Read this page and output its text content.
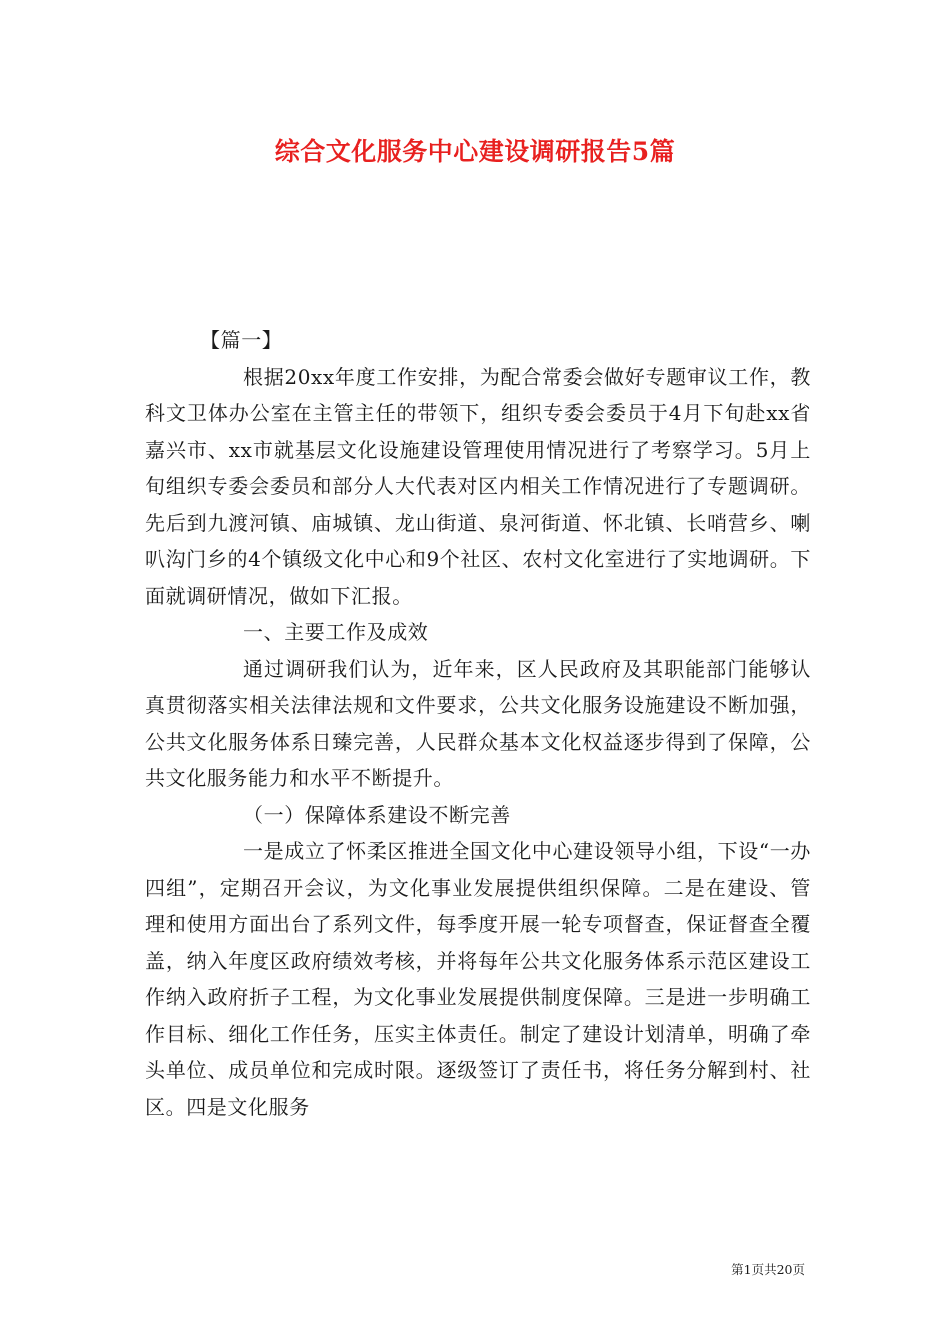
综合文化服务中心建设调研报告5篇

【篇一】

根据20xx年度工作安排，为配合常委会做好专题审议工作，教科文卫体办公室在主管主任的带领下，组织专委会委员于4月下旬赴xx省嘉兴市、xx市就基层文化设施建设管理使用情况进行了考察学习。5月上旬组织专委会委员和部分人大代表对区内相关工作情况进行了专题调研。先后到九渡河镇、庙城镇、龙山街道、泉河街道、怀北镇、长哨营乡、喇叭沟门乡的4个镇级文化中心和9个社区、农村文化室进行了实地调研。下面就调研情况，做如下汇报。

一、主要工作及成效

通过调研我们认为，近年来，区人民政府及其职能部门能够认真贯彻落实相关法律法规和文件要求，公共文化服务设施建设不断加强，公共文化服务体系日臻完善，人民群众基本文化权益逐步得到了保障，公共文化服务能力和水平不断提升。

（一）保障体系建设不断完善

一是成立了怀柔区推进全国文化中心建设领导小组，下设“一办四组”，定期召开会议，为文化事业发展提供组织保障。二是在建设、管理和使用方面出台了系列文件，每季度开展一轮专项督查，保证督查全覆盖，纳入年度区政府绩效考核，并将每年公共文化服务体系示范区建设工作纳入政府折子工程，为文化事业发展提供制度保障。三是进一步明确工作目标、细化工作任务，压实主体责任。制定了建设计划清单，明确了牵头单位、成员单位和完成时限。逐级签订了责任书，将任务分解到村、社区。四是文化服务

第1页共20页
